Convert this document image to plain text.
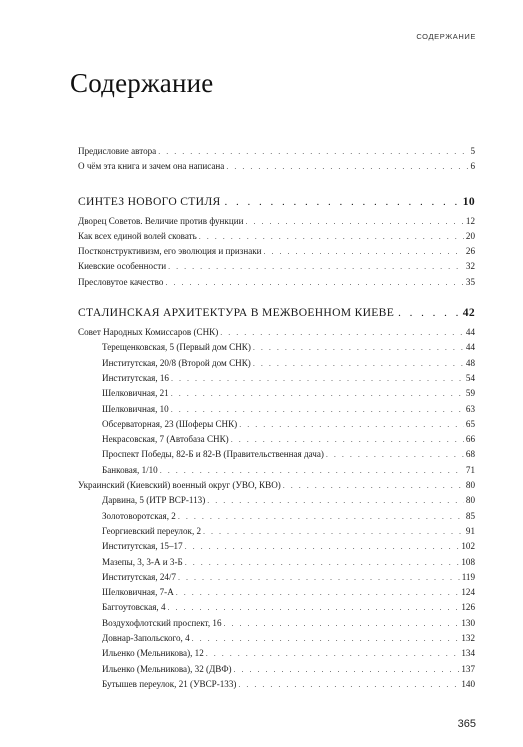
СОДЕРЖАНИЕ
Содержание
Предисловие автора . . .	5
О чём эта книга и зачем она написана . . .	6
СИНТЕЗ НОВОГО СТИЛЯ . . .	10
Дворец Советов. Величие против функции . . .	12
Как всех единой волей сковать . . .	20
Постконструктивизм, его эволюция и признаки . . .	26
Киевские особенности . . .	32
Пресловутое качество . . .	35
СТАЛИНСКАЯ АРХИТЕКТУРА В МЕЖВОЕННОМ КИЕВЕ . . .	42
Совет Народных Комиссаров (СНК) . . .	44
Терещенковская, 5 (Первый дом СНК) . . .	44
Институтская, 20/8 (Второй дом СНК) . . .	48
Институтская, 16 . . .	54
Шелковичная, 21 . . .	59
Шелковичная, 10 . . .	63
Обсерваторная, 23 (Шоферы СНК) . . .	65
Некрасовская, 7 (Автобаза СНК) . . .	66
Проспект Победы, 82-Б и 82-В (Правительственная дача) . . .	68
Банковая, 1/10 . . .	71
Украинский (Киевский) военный округ (УВО, КВО) . . .	80
Дарвина, 5 (ИТР ВСР-113) . . .	80
Золотоворотская, 2 . . .	85
Георгиевский переулок, 2 . . .	91
Институтская, 15–17 . . .	102
Мазепы, 3, 3-А и 3-Б . . .	108
Институтская, 24/7 . . .	119
Шелковичная, 7-А . . .	124
Баггоутовская, 4 . . .	126
Воздухофлотский проспект, 16 . . .	130
Довнар-Запольского, 4 . . .	132
Ильенко (Мельникова), 12 . . .	134
Ильенко (Мельникова), 32 (ДВФ) . . .	137
Бутышев переулок, 21 (УВСР-133) . . .	140
365
